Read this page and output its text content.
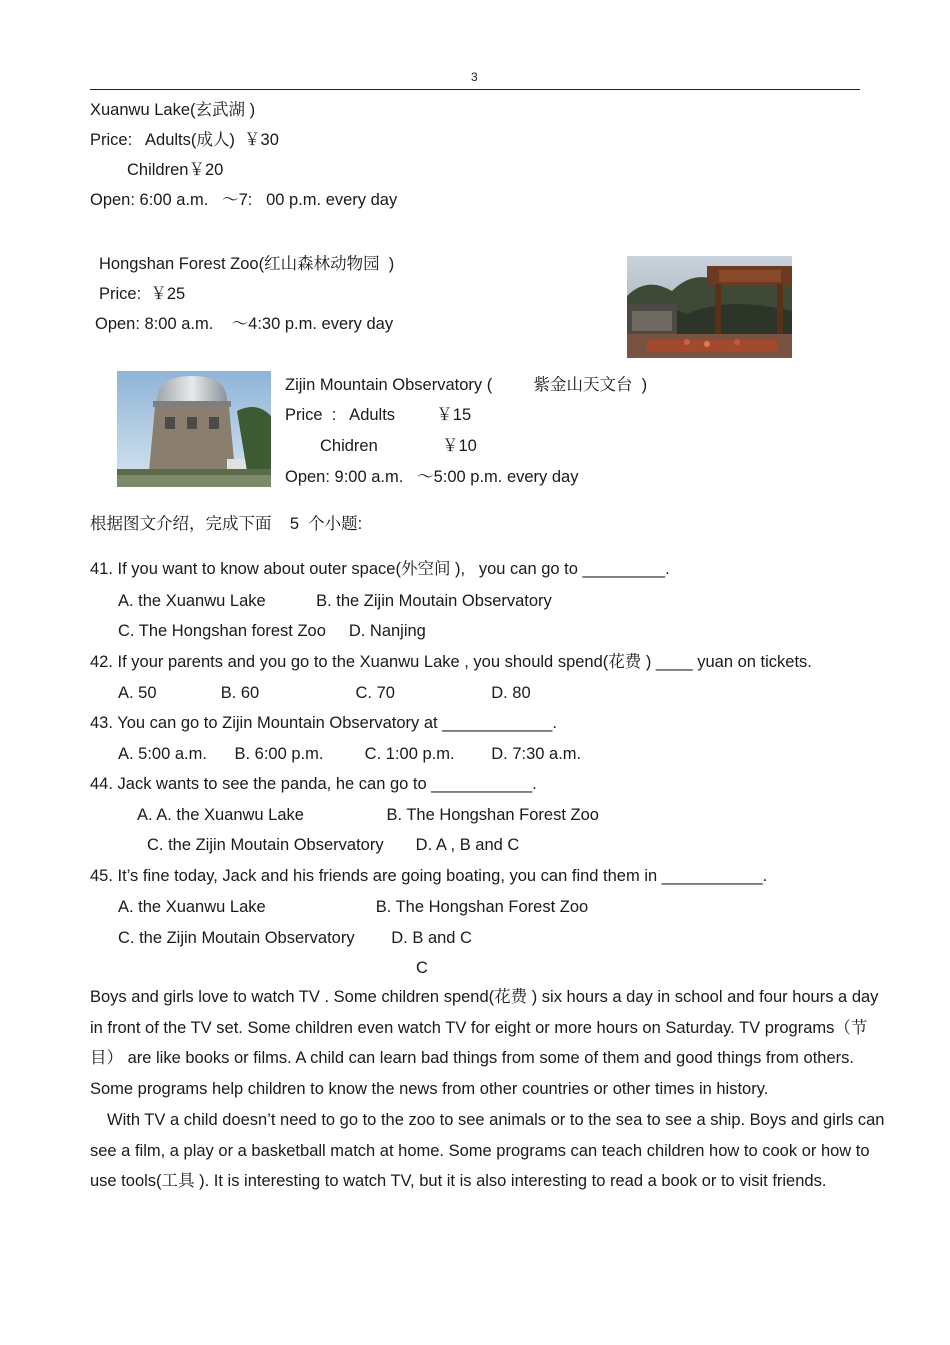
3
Xuanwu Lake(玄武湖 )
Price:   Adults(成人)  ￥30
Children￥20
Open: 6:00 a.m.   ～7:   00 p.m. every day
Hongshan Forest Zoo(红山森林动物园  )
Price:  ￥25
Open: 8:00 a.m.    ～4:30 p.m. every day
Zijin Mountain Observatory (         紫金山天文台  )
Price  :   Adults         ￥15
Chidren              ￥10
Open: 9:00 a.m.   ～5:00 p.m. every day
根据图文介绍，完成下面    5  个小题:
41. If you want to know about outer space(外空间 ),   you can go to _________.
A. the Xuanwu Lake           B. the Zijin Moutain Observatory
C. The Hongshan forest Zoo     D. Nanjing
42. If your parents and you go to the Xuanwu Lake , you should spend(花费 ) ____ yuan on tickets.
A. 50              B. 60                     C. 70                     D. 80
43. You can go to Zijin Mountain Observatory at ____________.
A. 5:00 a.m.      B. 6:00 p.m.         C. 1:00 p.m.        D. 7:30 a.m.
44. Jack wants to see the panda, he can go to ___________.
A. A. the Xuanwu Lake                  B. The Hongshan Forest Zoo
C. the Zijin Moutain Observatory       D. A , B and C
45. It’s fine today, Jack and his friends are going boating, you can find them in ___________.
A. the Xuanwu Lake                        B. The Hongshan Forest Zoo
C. the Zijin Moutain Observatory        D. B and C
C

Boys and girls love to watch TV . Some children spend(花费 ) six hours a day in school and four hours a day in front of the TV set. Some children even watch TV for eight or more hours on Saturday. TV programs（节目） are like books or films. A child can learn bad things from some of them and good things from others. Some programs help children to know the news from other countries or other times in history.

With TV a child doesn’t need to go to the zoo to see animals or to the sea to see a ship. Boys and girls can see a film, a play or a basketball match at home. Some programs can teach children how to cook or how to use tools(工具 ). It is interesting to watch TV, but it is also interesting to read a book or to visit friends.
